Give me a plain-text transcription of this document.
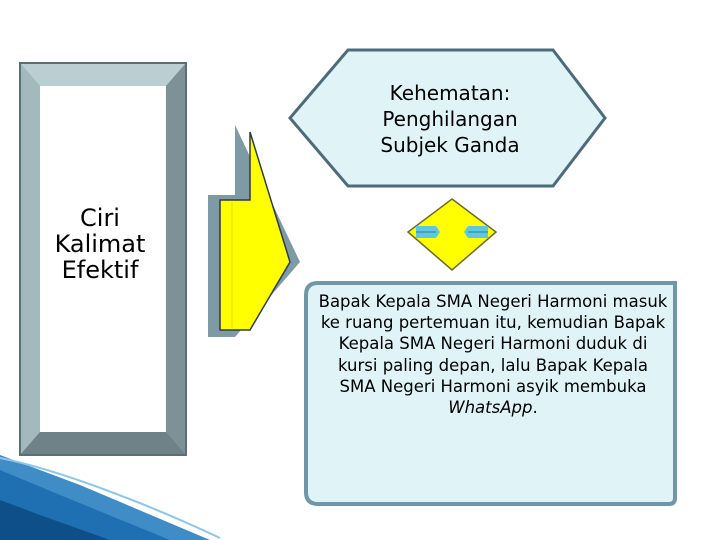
Ciri
Kalimat
Efektif
Kehematan:
Penghilangan
Subjek Ganda
Bapak Kepala SMA Negeri Harmoni masuk ke ruang pertemuan itu, kemudian Bapak Kepala SMA Negeri Harmoni duduk di kursi paling depan, lalu Bapak Kepala SMA Negeri Harmoni asyik membuka WhatsApp.
